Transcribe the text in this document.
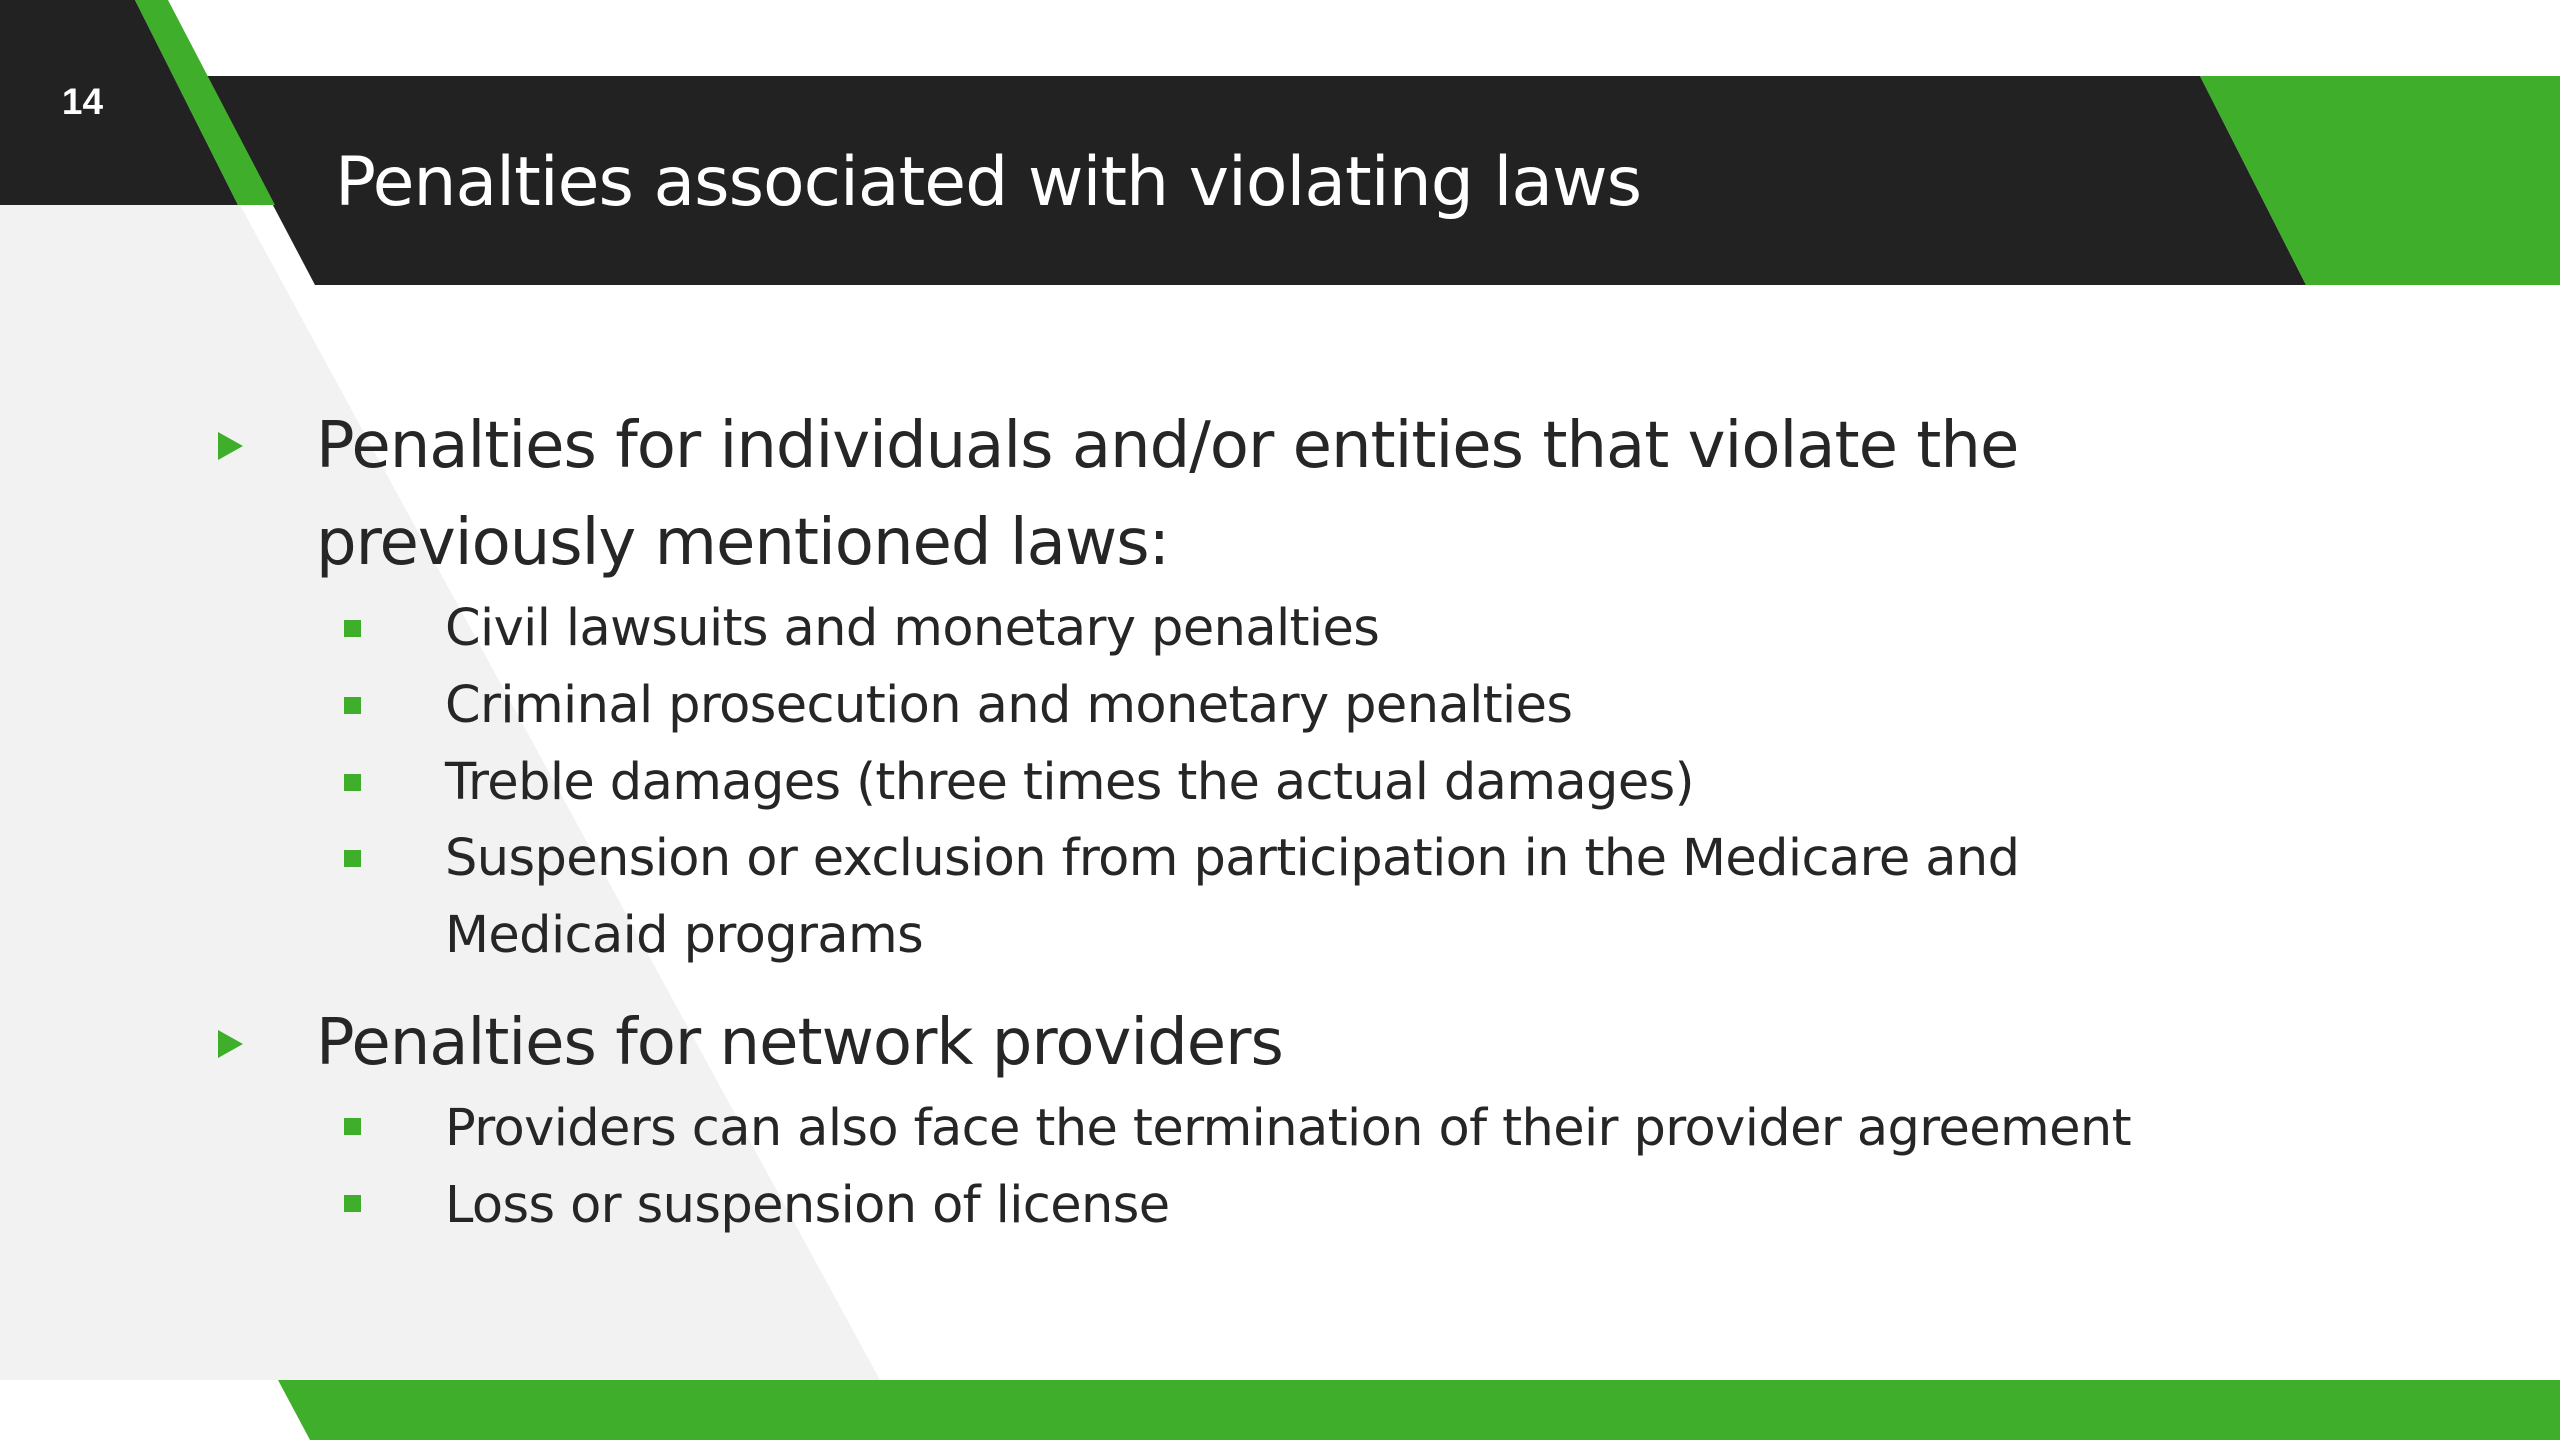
14
Penalties associated with violating laws
Penalties for individuals and/or entities that violate the previously mentioned laws:
Civil lawsuits and monetary penalties
Criminal prosecution and monetary penalties
Treble damages (three times the actual damages)
Suspension or exclusion from participation in the Medicare and Medicaid programs
Penalties for network providers
Providers can also face the termination of their provider agreement
Loss or suspension of license
